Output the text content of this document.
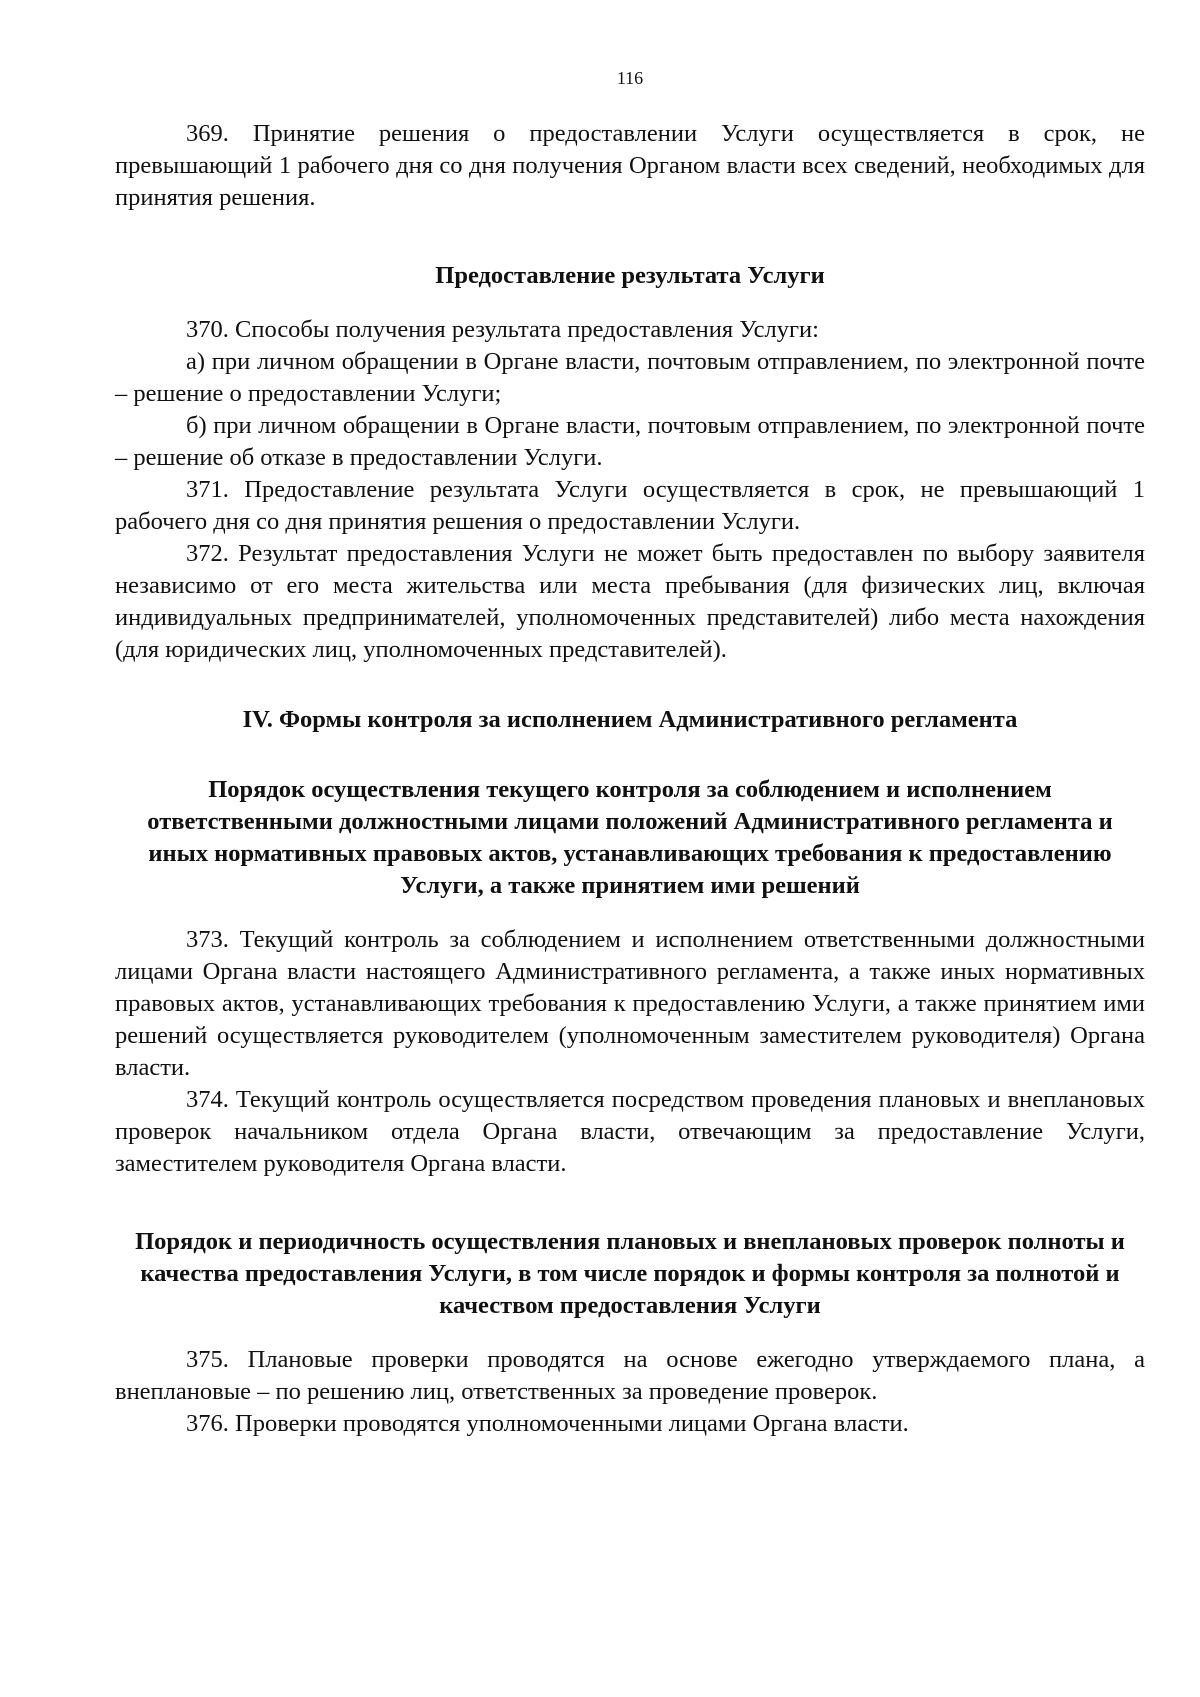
116

369. Принятие решения о предоставлении Услуги осуществляется в срок, не превышающий 1 рабочего дня со дня получения Органом власти всех сведений, необходимых для принятия решения.

Предоставление результата Услуги

370. Способы получения результата предоставления Услуги:

а) при личном обращении в Органе власти, почтовым отправлением, по электронной почте – решение о предоставлении Услуги;

б) при личном обращении в Органе власти, почтовым отправлением, по электронной почте – решение об отказе в предоставлении Услуги.

371. Предоставление результата Услуги осуществляется в срок, не превышающий 1 рабочего дня со дня принятия решения о предоставлении Услуги.

372. Результат предоставления Услуги не может быть предоставлен по выбору заявителя независимо от его места жительства или места пребывания (для физических лиц, включая индивидуальных предпринимателей, уполномоченных представителей) либо места нахождения (для юридических лиц, уполномоченных представителей).

IV. Формы контроля за исполнением Административного регламента
Порядок осуществления текущего контроля за соблюдением и исполнением ответственными должностными лицами положений Административного регламента и иных нормативных правовых актов, устанавливающих требования к предоставлению Услуги, а также принятием ими решений

373. Текущий контроль за соблюдением и исполнением ответственными должностными лицами Органа власти настоящего Административного регламента, а также иных нормативных правовых актов, устанавливающих требования к предоставлению Услуги, а также принятием ими решений осуществляется руководителем (уполномоченным заместителем руководителя) Органа власти.

374. Текущий контроль осуществляется посредством проведения плановых и внеплановых проверок начальником отдела Органа власти, отвечающим за предоставление Услуги, заместителем руководителя Органа власти.

Порядок и периодичность осуществления плановых и внеплановых проверок полноты и качества предоставления Услуги, в том числе порядок и формы контроля за полнотой и качеством предоставления Услуги

375. Плановые проверки проводятся на основе ежегодно утверждаемого плана, а внеплановые – по решению лиц, ответственных за проведение проверок.

376. Проверки проводятся уполномоченными лицами Органа власти.
